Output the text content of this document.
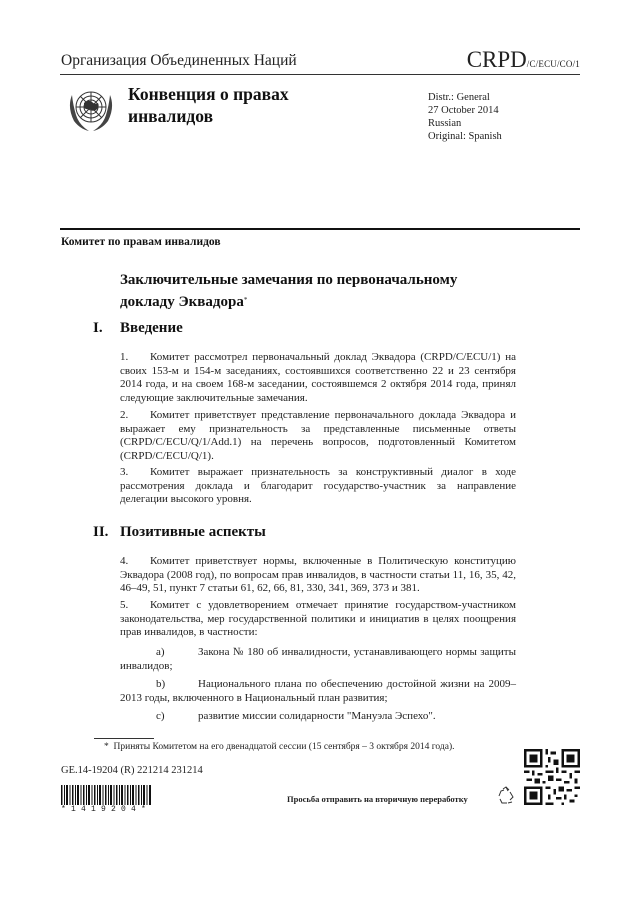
Организация Объединенных Наций	CRPD/C/ECU/CO/1
Конвенция о правах
инвалидов
Distr.: General
27 October 2014
Russian
Original: Spanish
Комитет по правам инвалидов
Заключительные замечания по первоначальному
докладу Эквадора*
I. Введение
1. Комитет рассмотрел первоначальный доклад Эквадора (CRPD/C/ECU/1) на своих 153-м и 154-м заседаниях, состоявшихся соответственно 22 и 23 сентября 2014 года, и на своем 168-м заседании, состоявшемся 2 октября 2014 года, принял следующие заключительные замечания.
2. Комитет приветствует представление первоначального доклада Эквадора и выражает ему признательность за представленные письменные ответы (CRPD/C/ECU/Q/1/Add.1) на перечень вопросов, подготовленный Комитетом (CRPD/C/ECU/Q/1).
3. Комитет выражает признательность за конструктивный диалог в ходе рассмотрения доклада и благодарит государство-участник за направление делегации высокого уровня.
II. Позитивные аспекты
4. Комитет приветствует нормы, включенные в Политическую конституцию Эквадора (2008 год), по вопросам прав инвалидов, в частности статьи 11, 16, 35, 42, 46–49, 51, пункт 7 статьи 61, 62, 66, 81, 330, 341, 369, 373 и 381.
5. Комитет с удовлетворением отмечает принятие государством-участником законодательства, мер государственной политики и инициатив в целях поощрения прав инвалидов, в частности:
a)	Закона № 180 об инвалидности, устанавливающего нормы защиты инвалидов;
b)	Национального плана по обеспечению достойной жизни на 2009–2013 годы, включенного в Национальный план развития;
c)	развитие миссии солидарности "Мануэла Эспехо".
* Приняты Комитетом на его двенадцатой сессии (15 сентября – 3 октября 2014 года).
GE.14-19204 (R) 221214 231214
*1419204*
Просьба отправить на вторичную переработку
